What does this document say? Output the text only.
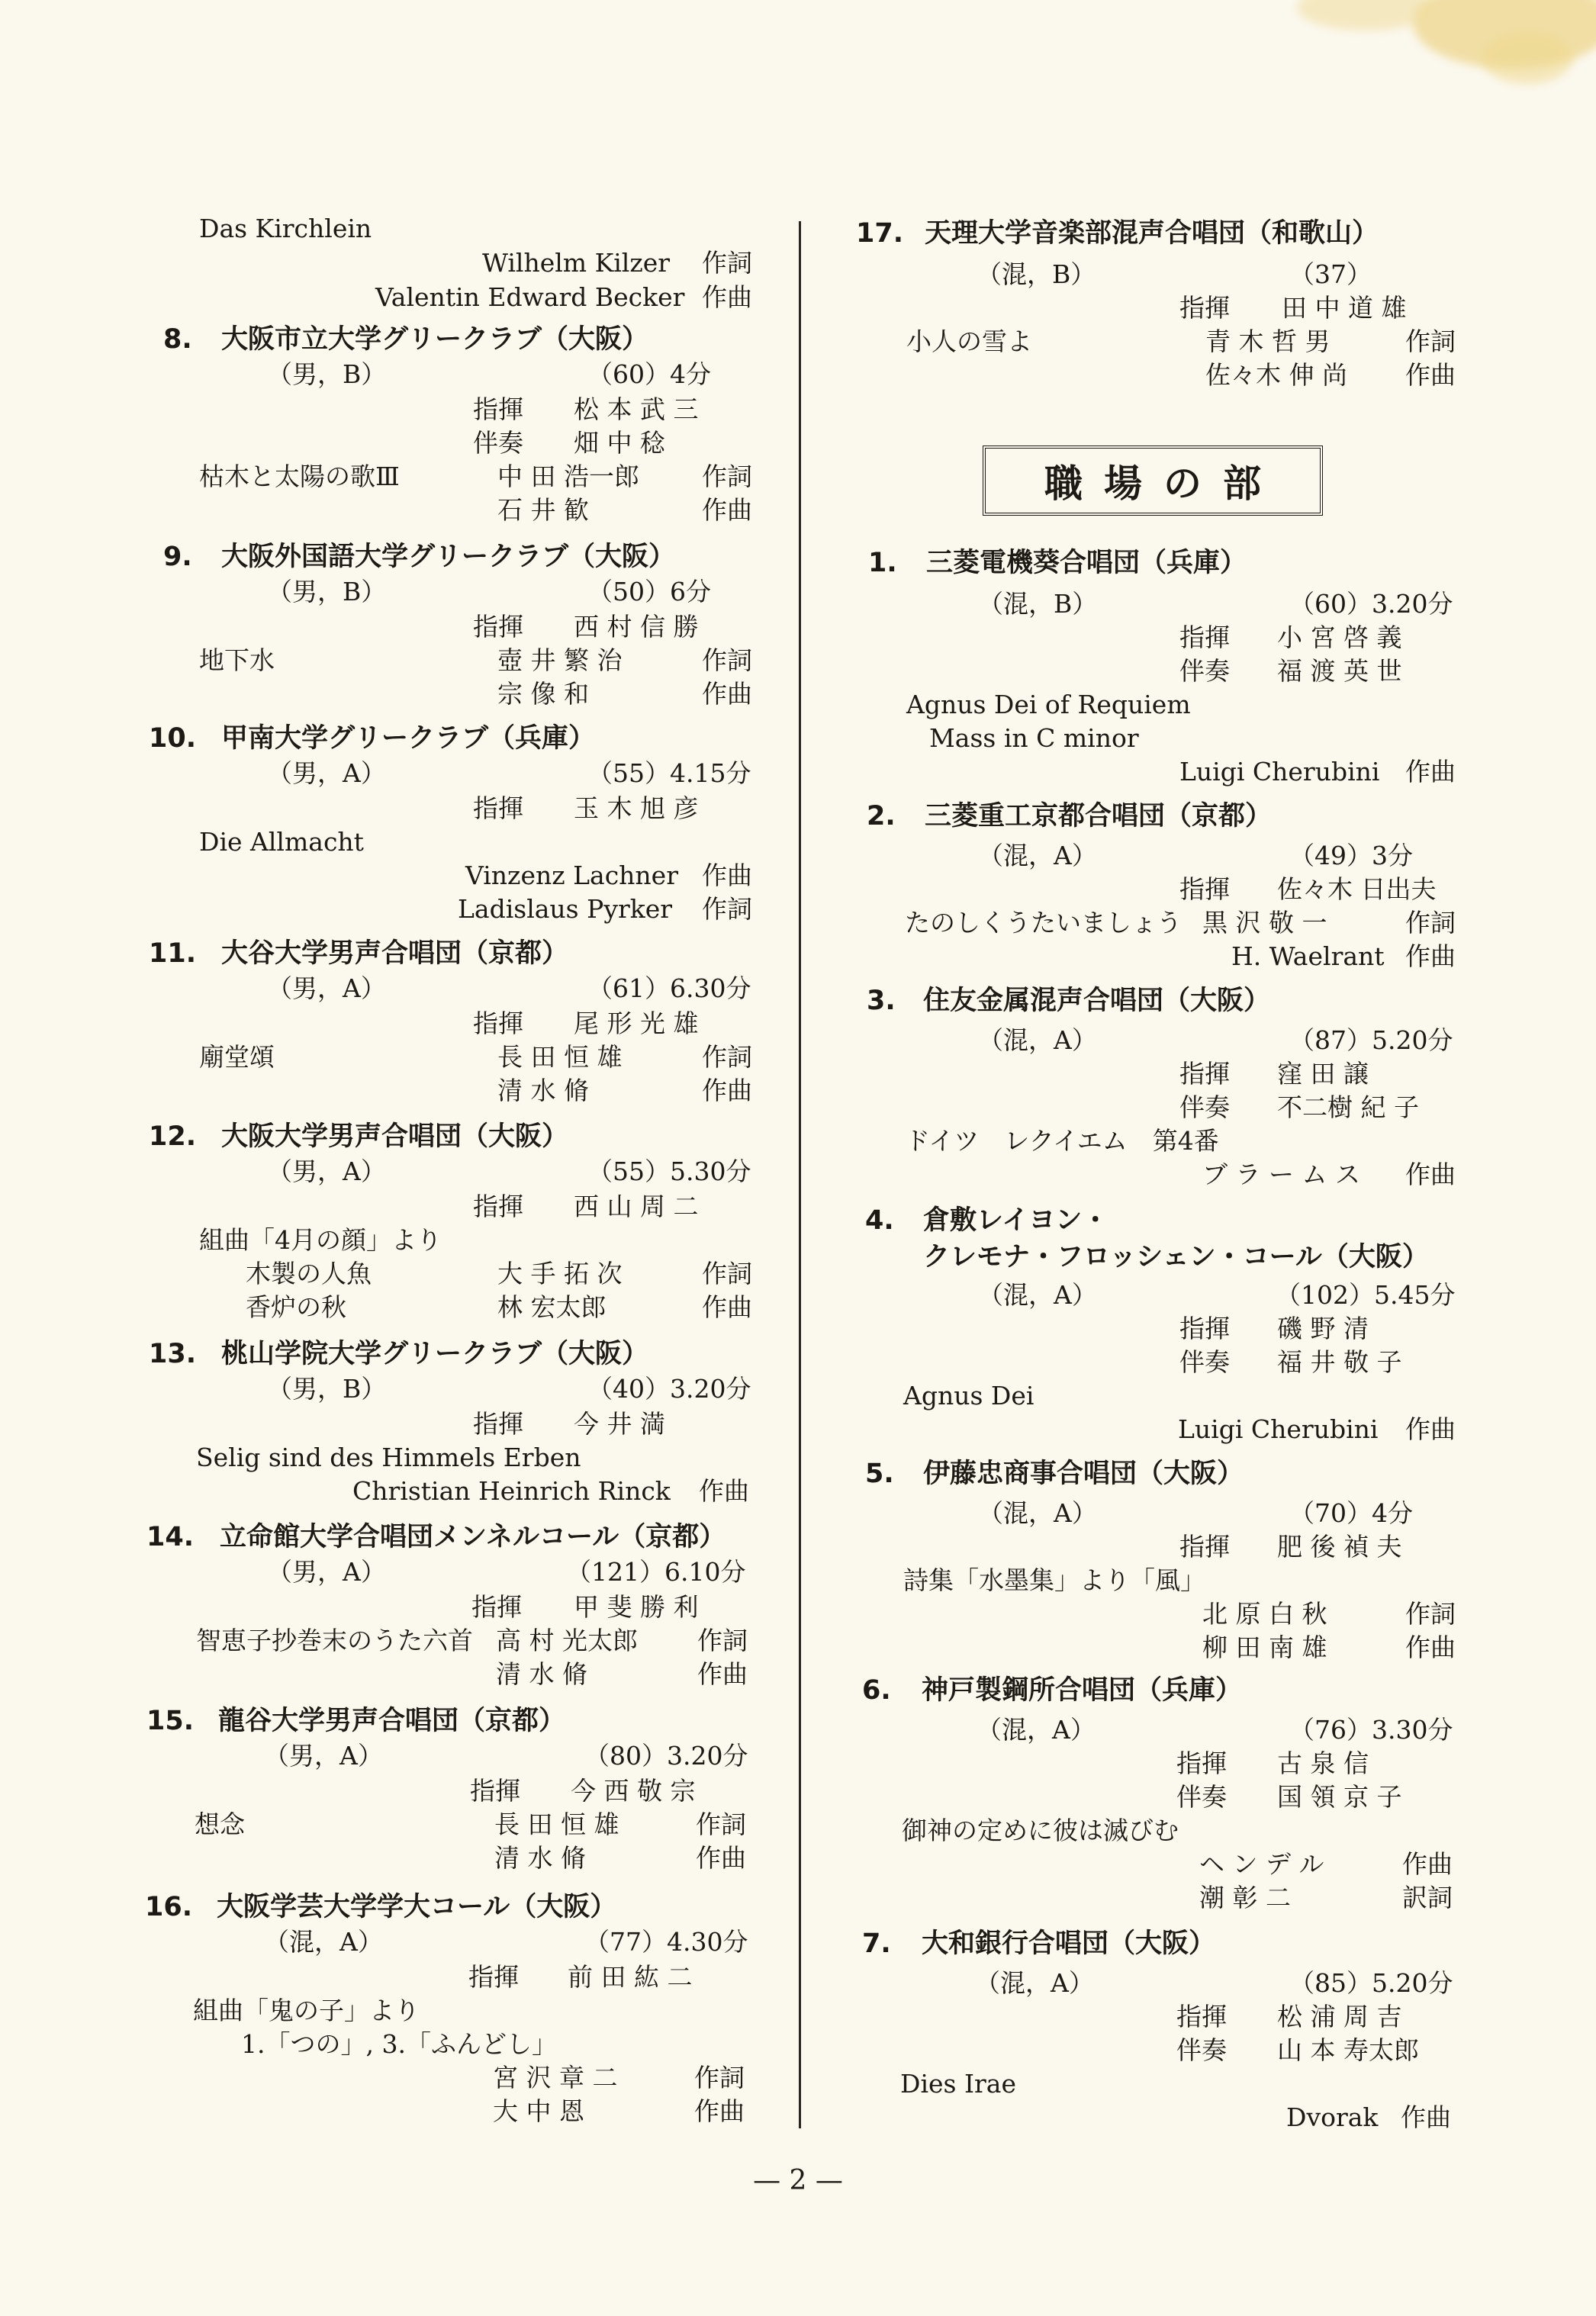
Das Kirchlein
Wilhelm Kilzer 作詞
Valentin Edward Becker 作曲
8. 大阪市立大学グリークラブ（大阪）
（男，B）	（60）4分
指揮 松 本 武 三
伴奏 畑 中 稔
枯木と太陽の歌Ⅲ	中 田 浩一郎 作詞
石 井 歓	作曲
9. 大阪外国語大学グリークラブ（大阪）
（男，B）	（50）6分
指揮 西 村 信 勝
地下水	壺 井 繁 治	作詞
宗 像 和	作曲
10. 甲南大学グリークラブ（兵庫）
（男，A）	（55）4.15分
指揮 玉 木 旭 彦
Die Allmacht
Vinzenz Lachner 作曲
Ladislaus Pyrker 作詞
11. 大谷大学男声合唱団（京都）
（男，A）	（61）6.30分
指揮 尾 形 光 雄
廟堂頌	長 田 恒 雄	作詞
清 水 脩	作曲
12. 大阪大学男声合唱団（大阪）
（男，A）	（55）5.30分
指揮 西 山 周 二
組曲「4月の顔」より
木製の人魚	大 手 拓 次	作詞
香炉の秋	林 宏太郎	作曲
13. 桃山学院大学グリークラブ（大阪）
（男，B）	（40）3.20分
指揮 今 井 満
Selig sind des Himmels Erben
Christian Heinrich Rinck 作曲
14. 立命館大学合唱団メンネルコール（京都）
（男，A）	（121）6.10分
指揮 甲 斐 勝 利
智恵子抄巻末のうた六首 高 村 光太郎 作詞
清 水 脩	作曲
15. 龍谷大学男声合唱団（京都）
（男，A）	（80）3.20分
指揮 今 西 敬 宗
想念	長 田 恒 雄	作詞
清 水 脩	作曲
16. 大阪学芸大学学大コール（大阪）
（混，A）	（77）4.30分
指揮 前 田 紘 二
組曲「鬼の子」より
1.「つの」, 3.「ふんどし」
宮 沢 章 二	作詞
大 中 恩	作曲
17. 天理大学音楽部混声合唱団（和歌山）
（混，B）	（37）
指揮 田 中 道 雄
小人の雪よ	青 木 哲 男	作詞
佐々木 伸 尚 作曲
職場の部
1. 三菱電機葵合唱団（兵庫）
（混，B）	（60）3.20分
指揮 小 宮 啓 義
伴奏 福 渡 英 世
Agnus Dei of Requiem
Mass in C minor
Luigi Cherubini 作曲
2. 三菱重工京都合唱団（京都）
（混，A）	（49）3分
指揮 佐々木 日出夫
たのしくうたいましょう 黒 沢 敬 一	作詞
H. Waelrant 作曲
3. 住友金属混声合唱団（大阪）
（混，A）	（87）5.20分
指揮 窪 田 譲
伴奏 不二樹 紀 子
ドイツ　レクイエム　第4番
ブ ラ ー ム ス 作曲
4. 倉敷レイヨン・
クレモナ・フロッシェン・コール（大阪）
（混，A）	（102）5.45分
指揮 磯 野 清
伴奏 福 井 敬 子
Agnus Dei
Luigi Cherubini 作曲
5. 伊藤忠商事合唱団（大阪）
（混，A）	（70）4分
指揮 肥 後 禎 夫
詩集「水墨集」より「風」
北 原 白 秋	作詞
柳 田 南 雄	作曲
6. 神戸製鋼所合唱団（兵庫）
（混，A）	（76）3.30分
指揮 古 泉 信
伴奏 国 領 京 子
御神の定めに彼は滅びむ
ヘ ン デ ル	作曲
潮 彰 二	訳詞
7. 大和銀行合唱団（大阪）
（混，A）	（85）5.20分
指揮 松 浦 周 吉
伴奏 山 本 寿太郎
Dies Irae
Dvorak 作曲
— 2 —
